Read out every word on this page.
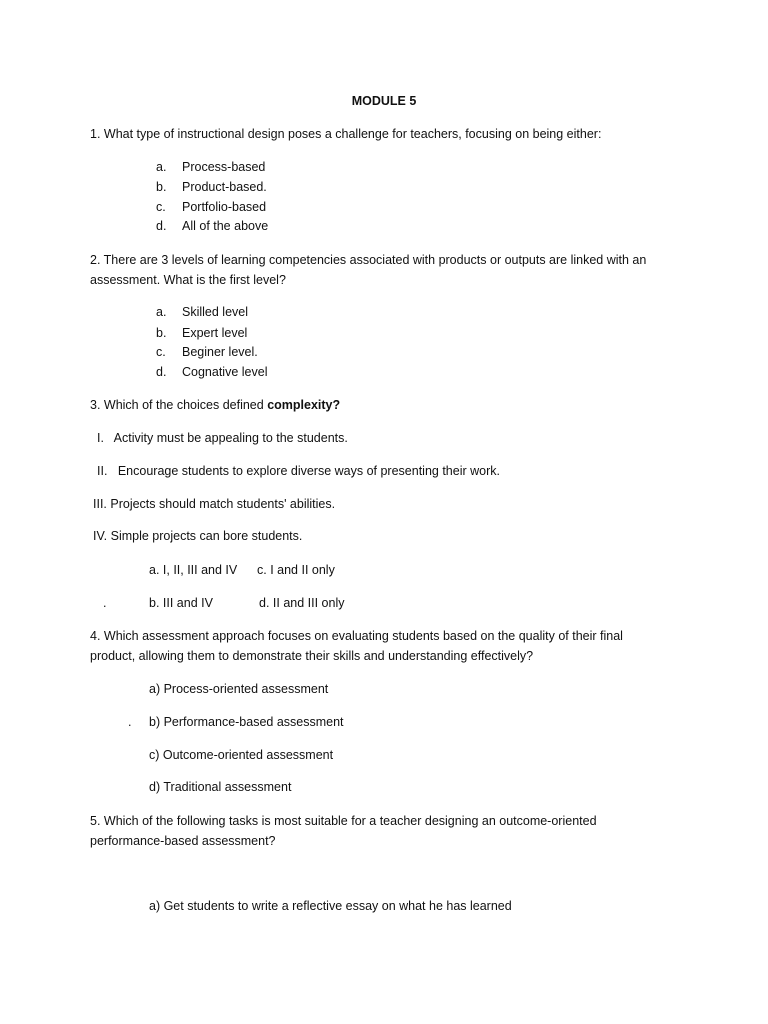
MODULE 5
1. What type of instructional design poses a challenge for teachers, focusing on being either:
a. Process-based
b. Product-based.
c. Portfolio-based
d. All of the above
2. There are 3 levels of learning competencies associated with products or outputs are linked with an
assessment. What is the first level?
a. Skilled level
b. Expert level
c. Beginer level.
d. Cognative level
3. Which of the choices defined complexity?
I.   Activity must be appealing to the students.
II.   Encourage students to explore diverse ways of presenting their work.
III. Projects should match students' abilities.
IV. Simple projects can bore students.
a. I, II, III and IV c. I and II only
.	b. III and IV	d. II and III only
4. Which assessment approach focuses on evaluating students based on the quality of their final
product, allowing them to demonstrate their skills and understanding effectively?
a) Process-oriented assessment
. b) Performance-based assessment
c) Outcome-oriented assessment
d) Traditional assessment
5. Which of the following tasks is most suitable for a teacher designing an outcome-oriented
performance-based assessment?
a) Get students to write a reflective essay on what he has learned
